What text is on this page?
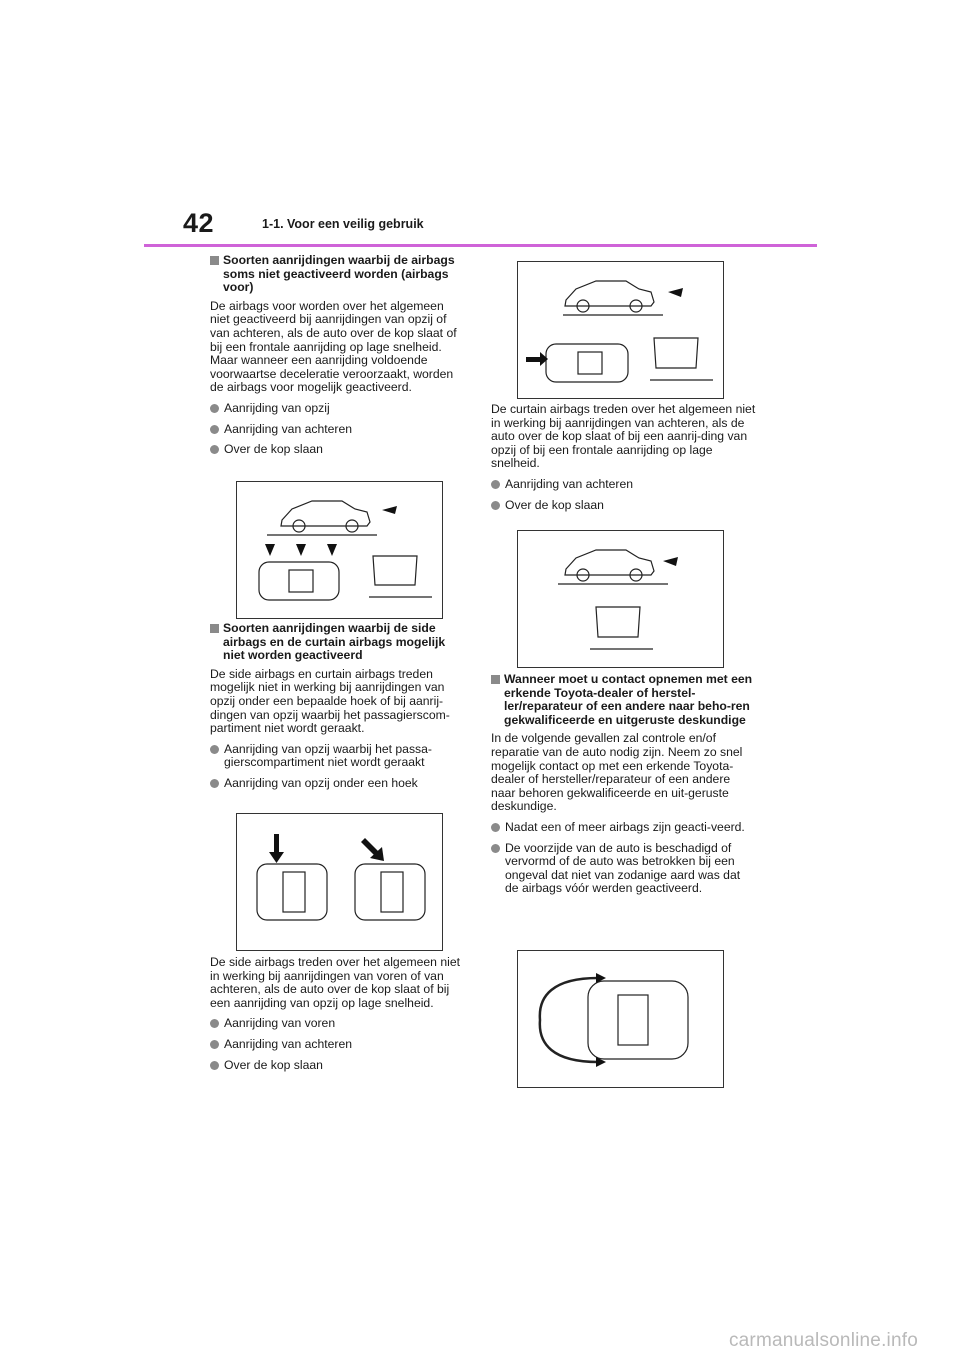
42	1-1. Voor een veilig gebruik
Soorten aanrijdingen waarbij de airbags soms niet geactiveerd worden (airbags voor)

De airbags voor worden over het algemeen niet geactiveerd bij aanrijdingen van opzij of van achteren, als de auto over de kop slaat of bij een frontale aanrijding op lage snelheid. Maar wanneer een aanrijding voldoende voorwaartse deceleratie veroorzaakt, worden de airbags voor mogelijk geactiveerd.

Aanrijding van opzij
Aanrijding van achteren
Over de kop slaan
Soorten aanrijdingen waarbij de side airbags en de curtain airbags mogelijk niet worden geactiveerd

De side airbags en curtain airbags treden mogelijk niet in werking bij aanrijdingen van opzij onder een bepaalde hoek of bij aanrij-dingen van opzij waarbij het passagierscom-partiment niet wordt geraakt.

Aanrijding van opzij waarbij het passa-gierscompartiment niet wordt geraakt
Aanrijding van opzij onder een hoek

De side airbags treden over het algemeen niet in werking bij aanrijdingen van voren of van achteren, als de auto over de kop slaat of bij een aanrijding van opzij op lage snelheid.

Aanrijding van voren
Aanrijding van achteren
Over de kop slaan

De curtain airbags treden over het algemeen niet in werking bij aanrijdingen van achteren, als de auto over de kop slaat of bij een aanrij-ding van opzij of bij een frontale aanrijding op lage snelheid.

Aanrijding van achteren
Over de kop slaan
Wanneer moet u contact opnemen met een erkende Toyota-dealer of herstel-ler/reparateur of een andere naar beho-ren gekwalificeerde en uitgeruste deskundige

In de volgende gevallen zal controle en/of reparatie van de auto nodig zijn. Neem zo snel mogelijk contact op met een erkende Toyota-dealer of hersteller/reparateur of een andere naar behoren gekwalificeerde en uit-geruste deskundige.

Nadat een of meer airbags zijn geacti-veerd.
De voorzijde van de auto is beschadigd of vervormd of de auto was betrokken bij een ongeval dat niet van zodanige aard was dat de airbags vóór werden geactiveerd.
carmanualsonline.info
